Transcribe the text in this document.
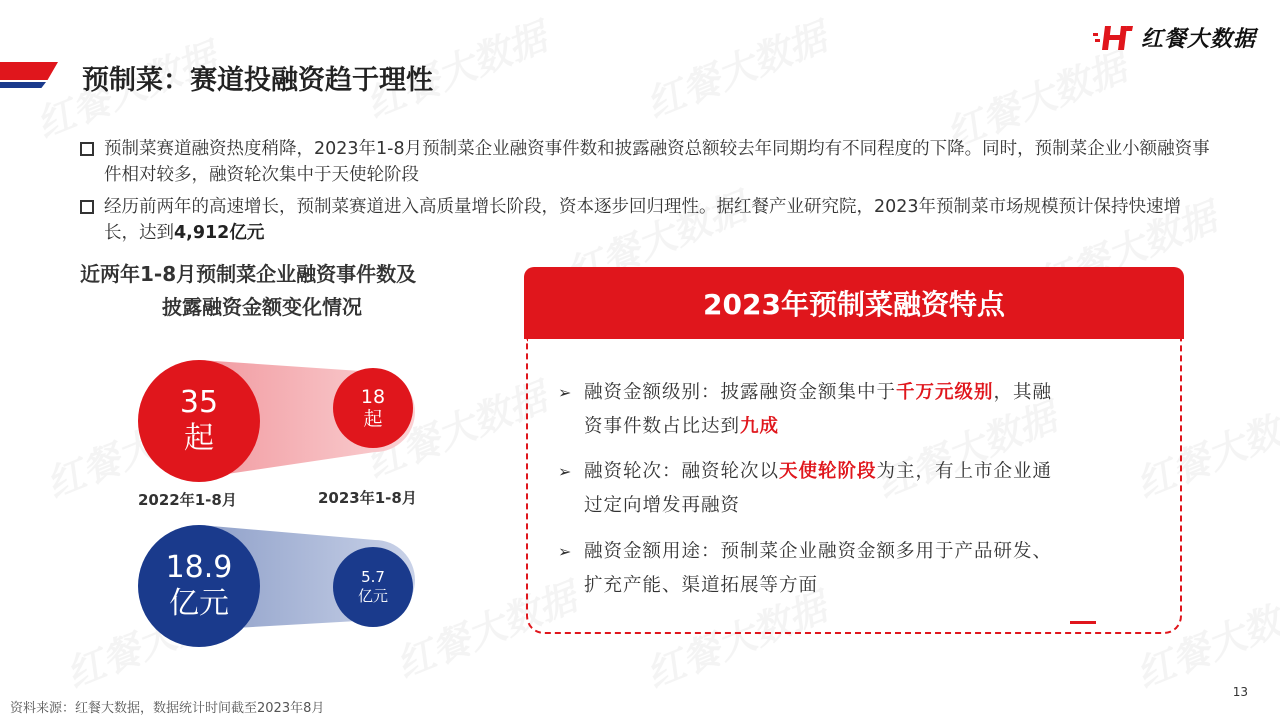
预制菜：赛道投融资趋于理性
红餐大数据
预制菜赛道融资热度稍降，2023年1-8月预制菜企业融资事件数和披露融资总额较去年同期均有不同程度的下降。同时，预制菜企业小额融资事件相对较多，融资轮次集中于天使轮阶段
经历前两年的高速增长，预制菜赛道进入高质量增长阶段，资本逐步回归理性。据红餐产业研究院，2023年预制菜市场规模预计保持快速增长，达到4,912亿元
近两年1-8月预制菜企业融资事件数及
披露融资金额变化情况
35
起
18
起
2022年1-8月	2023年1-8月
18.9
亿元
5.7
亿元
2023年预制菜融资特点
➢ 融资金额级别：披露融资金额集中于千万元级别，其融
资事件数占比达到九成
➢ 融资轮次：融资轮次以天使轮阶段为主，有上市企业通
过定向增发再融资
➢ 融资金额用途：预制菜企业融资金额多用于产品研发、
扩充产能、渠道拓展等方面
资料来源：红餐大数据，数据统计时间截至2023年8月
13
